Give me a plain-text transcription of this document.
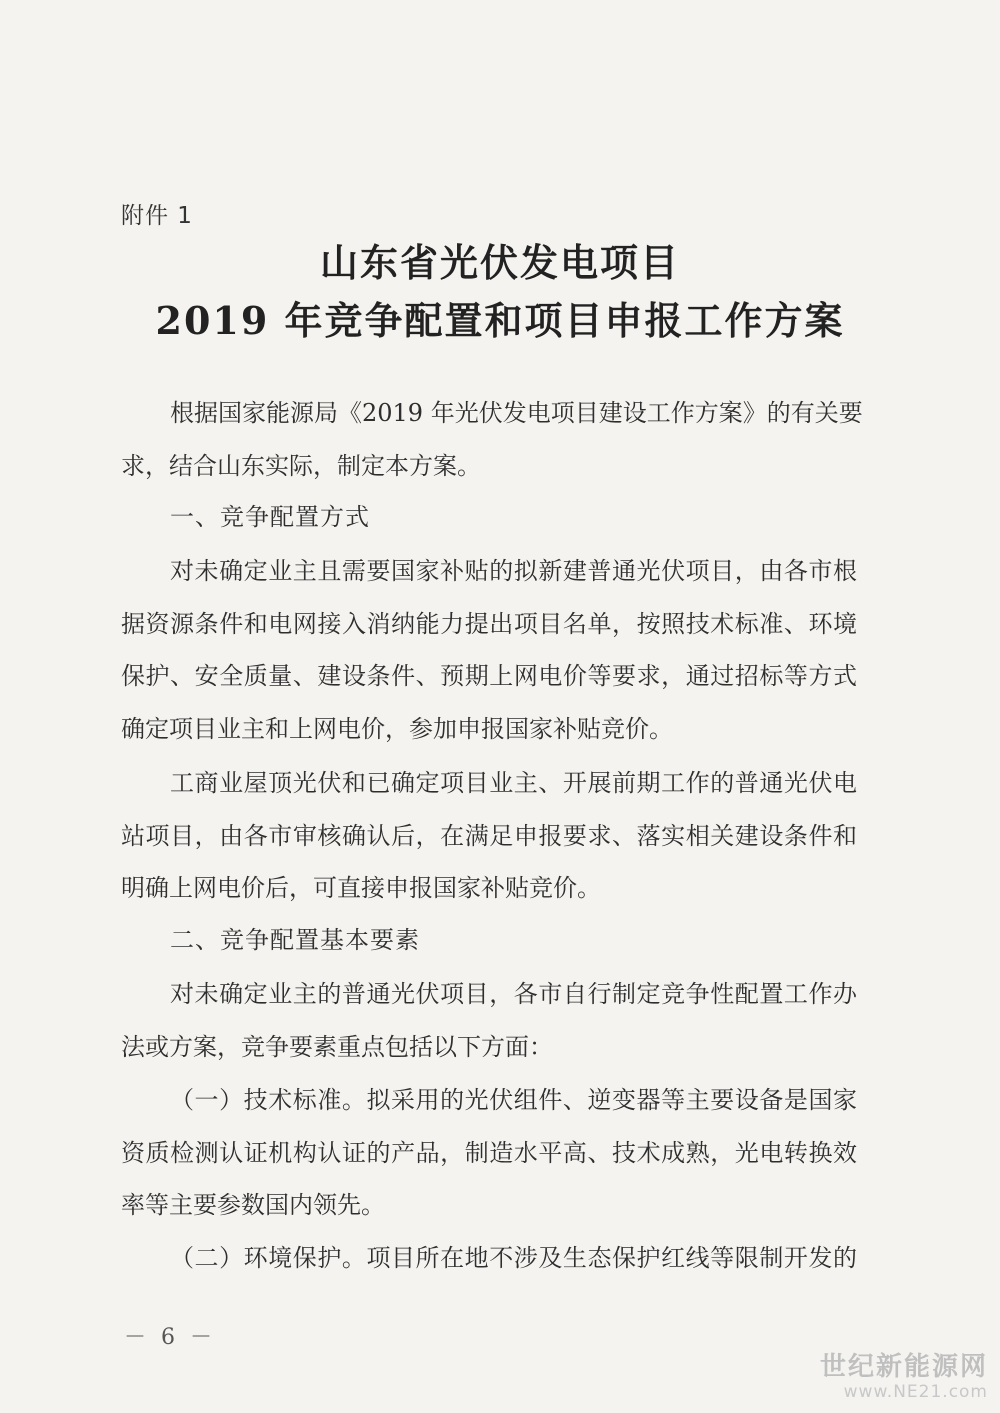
附件 1
山东省光伏发电项目
2019 年竞争配置和项目申报工作方案
根据国家能源局《2019 年光伏发电项目建设工作方案》的有关要
求，结合山东实际，制定本方案。
一、竞争配置方式
对未确定业主且需要国家补贴的拟新建普通光伏项目，由各市根
据资源条件和电网接入消纳能力提出项目名单，按照技术标准、环境
保护、安全质量、建设条件、预期上网电价等要求，通过招标等方式
确定项目业主和上网电价，参加申报国家补贴竞价。
工商业屋顶光伏和已确定项目业主、开展前期工作的普通光伏电
站项目，由各市审核确认后，在满足申报要求、落实相关建设条件和
明确上网电价后，可直接申报国家补贴竞价。
二、竞争配置基本要素
对未确定业主的普通光伏项目，各市自行制定竞争性配置工作办
法或方案，竞争要素重点包括以下方面：
（一）技术标准。拟采用的光伏组件、逆变器等主要设备是国家
资质检测认证机构认证的产品，制造水平高、技术成熟，光电转换效
率等主要参数国内领先。
（二）环境保护。项目所在地不涉及生态保护红线等限制开发的
－ 6 －
世纪新能源网
www.NE21.com
